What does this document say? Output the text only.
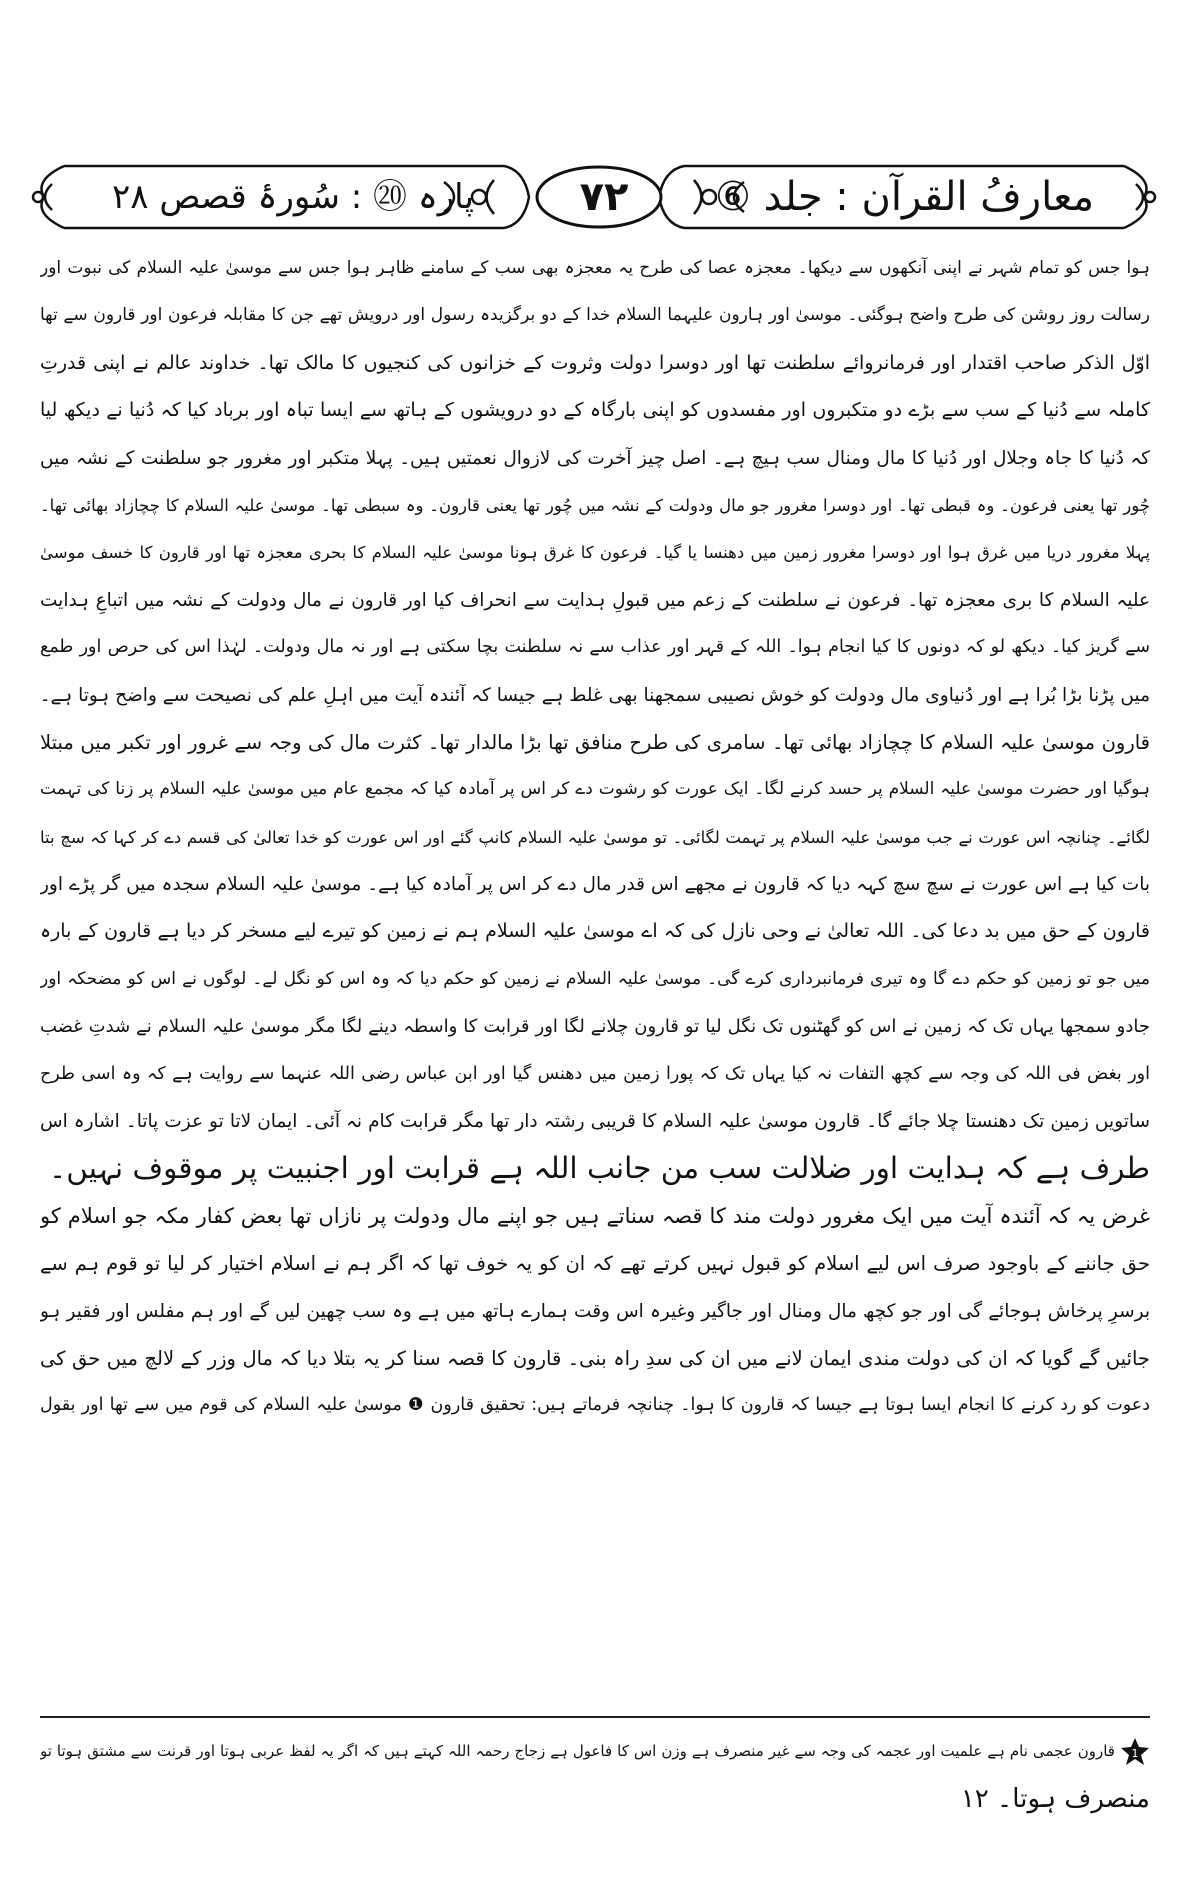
معارفُ القرآن : جلد ⑥
۷۲
پارہ ⑳ : سُورۂ قصص ۲۸
ہوا جس کو تمام شہر نے اپنی آنکھوں سے دیکھا۔ معجزہ عصا کی طرح یہ معجزہ بھی سب کے سامنے ظاہر ہوا جس سے موسیٰ علیہ السلام کی نبوت اور
رسالت روز روشن کی طرح واضح ہوگئی۔ موسیٰ اور ہارون علیہما السلام خدا کے دو برگزیدہ رسول اور درویش تھے جن کا مقابلہ فرعون اور قارون سے تھا
اوّل الذکر صاحب اقتدار اور فرمانروائے سلطنت تھا اور دوسرا دولت وثروت کے خزانوں کی کنجیوں کا مالک تھا۔ خداوند عالم نے اپنی قدرتِ
کاملہ سے دُنیا کے سب سے بڑے دو متکبروں اور مفسدوں کو اپنی بارگاہ کے دو درویشوں کے ہاتھ سے ایسا تباہ اور برباد کیا کہ دُنیا نے دیکھ لیا
کہ دُنیا کا جاہ وجلال اور دُنیا کا مال ومنال سب ہیچ ہے۔ اصل چیز آخرت کی لازوال نعمتیں ہیں۔ پہلا متکبر اور مغرور جو سلطنت کے نشہ میں
چُور تھا یعنی فرعون۔ وہ قبطی تھا۔ اور دوسرا مغرور جو مال ودولت کے نشہ میں چُور تھا یعنی قارون۔ وہ سبطی تھا۔ موسیٰ علیہ السلام کا چچازاد بھائی تھا۔
پہلا مغرور دریا میں غرق ہوا اور دوسرا مغرور زمین میں دھنسا یا گیا۔ فرعون کا غرق ہونا موسیٰ علیہ السلام کا بحری معجزہ تھا اور قارون کا خسف موسیٰ
علیہ السلام کا بری معجزہ تھا۔ فرعون نے سلطنت کے زعم میں قبولِ ہدایت سے انحراف کیا اور قارون نے مال ودولت کے نشہ میں اتباعِ ہدایت
سے گریز کیا۔ دیکھ لو کہ دونوں کا کیا انجام ہوا۔ اللہ کے قہر اور عذاب سے نہ سلطنت بچا سکتی ہے اور نہ مال ودولت۔ لہٰذا اس کی حرص اور طمع
میں پڑنا بڑا بُرا ہے اور دُنیاوی مال ودولت کو خوش نصیبی سمجھنا بھی غلط ہے جیسا کہ آئندہ آیت میں اہلِ علم کی نصیحت سے واضح ہوتا ہے۔
قارون موسیٰ علیہ السلام کا چچازاد بھائی تھا۔ سامری کی طرح منافق تھا بڑا مالدار تھا۔ کثرت مال کی وجہ سے غرور اور تکبر میں مبتلا
ہوگیا اور حضرت موسیٰ علیہ السلام پر حسد کرنے لگا۔ ایک عورت کو رشوت دے کر اس پر آمادہ کیا کہ مجمع عام میں موسیٰ علیہ السلام پر زنا کی تہمت
لگائے۔ چنانچہ اس عورت نے جب موسیٰ علیہ السلام پر تہمت لگائی۔ تو موسیٰ علیہ السلام کانپ گئے اور اس عورت کو خدا تعالیٰ کی قسم دے کر کہا کہ سچ بتا
بات کیا ہے اس عورت نے سچ سچ کہہ دیا کہ قارون نے مجھے اس قدر مال دے کر اس پر آمادہ کیا ہے۔ موسیٰ علیہ السلام سجدہ میں گر پڑے اور
قارون کے حق میں بد دعا کی۔ اللہ تعالیٰ نے وحی نازل کی کہ اے موسیٰ علیہ السلام ہم نے زمین کو تیرے لیے مسخر کر دیا ہے قارون کے بارہ
میں جو تو زمین کو حکم دے گا وہ تیری فرمانبرداری کرے گی۔ موسیٰ علیہ السلام نے زمین کو حکم دیا کہ وہ اس کو نگل لے۔ لوگوں نے اس کو مضحکہ اور
جادو سمجھا یہاں تک کہ زمین نے اس کو گھٹنوں تک نگل لیا تو قارون چلانے لگا اور قرابت کا واسطہ دینے لگا مگر موسیٰ علیہ السلام نے شدتِ غضب
اور بغض فی اللہ کی وجہ سے کچھ التفات نہ کیا یہاں تک کہ پورا زمین میں دھنس گیا اور ابن عباس رضی اللہ عنہما سے روایت ہے کہ وہ اسی طرح
ساتویں زمین تک دھنستا چلا جائے گا۔ قارون موسیٰ علیہ السلام کا قریبی رشتہ دار تھا مگر قرابت کام نہ آئی۔ ایمان لاتا تو عزت پاتا۔ اشارہ اس
طرف ہے کہ ہدایت اور ضلالت سب من جانب اللہ ہے قرابت اور اجنبیت پر موقوف نہیں۔
غرض یہ کہ آئندہ آیت میں ایک مغرور دولت مند کا قصہ سناتے ہیں جو اپنے مال ودولت پر نازاں تھا بعض کفار مکہ جو اسلام کو
حق جاننے کے باوجود صرف اس لیے اسلام کو قبول نہیں کرتے تھے کہ ان کو یہ خوف تھا کہ اگر ہم نے اسلام اختیار کر لیا تو قوم ہم سے
برسرِ پرخاش ہوجائے گی اور جو کچھ مال ومنال اور جاگیر وغیرہ اس وقت ہمارے ہاتھ میں ہے وہ سب چھین لیں گے اور ہم مفلس اور فقیر ہو
جائیں گے گویا کہ ان کی دولت مندی ایمان لانے میں ان کی سدِ راہ بنی۔ قارون کا قصہ سنا کر یہ بتلا دیا کہ مال وزر کے لالچ میں حق کی
دعوت کو رد کرنے کا انجام ایسا ہوتا ہے جیسا کہ قارون کا ہوا۔ چنانچہ فرماتے ہیں: تحقیق قارون ❶ موسیٰ علیہ السلام کی قوم میں سے تھا اور بقول
1
قارون عجمی نام ہے علمیت اور عجمہ کی وجہ سے غیر منصرف ہے وزن اس کا فاعول ہے زجاج رحمہ اللہ کہتے ہیں کہ اگر یہ لفظ عربی ہوتا اور قرنت سے مشتق ہوتا تو
منصرف ہوتا۔ ۱۲
